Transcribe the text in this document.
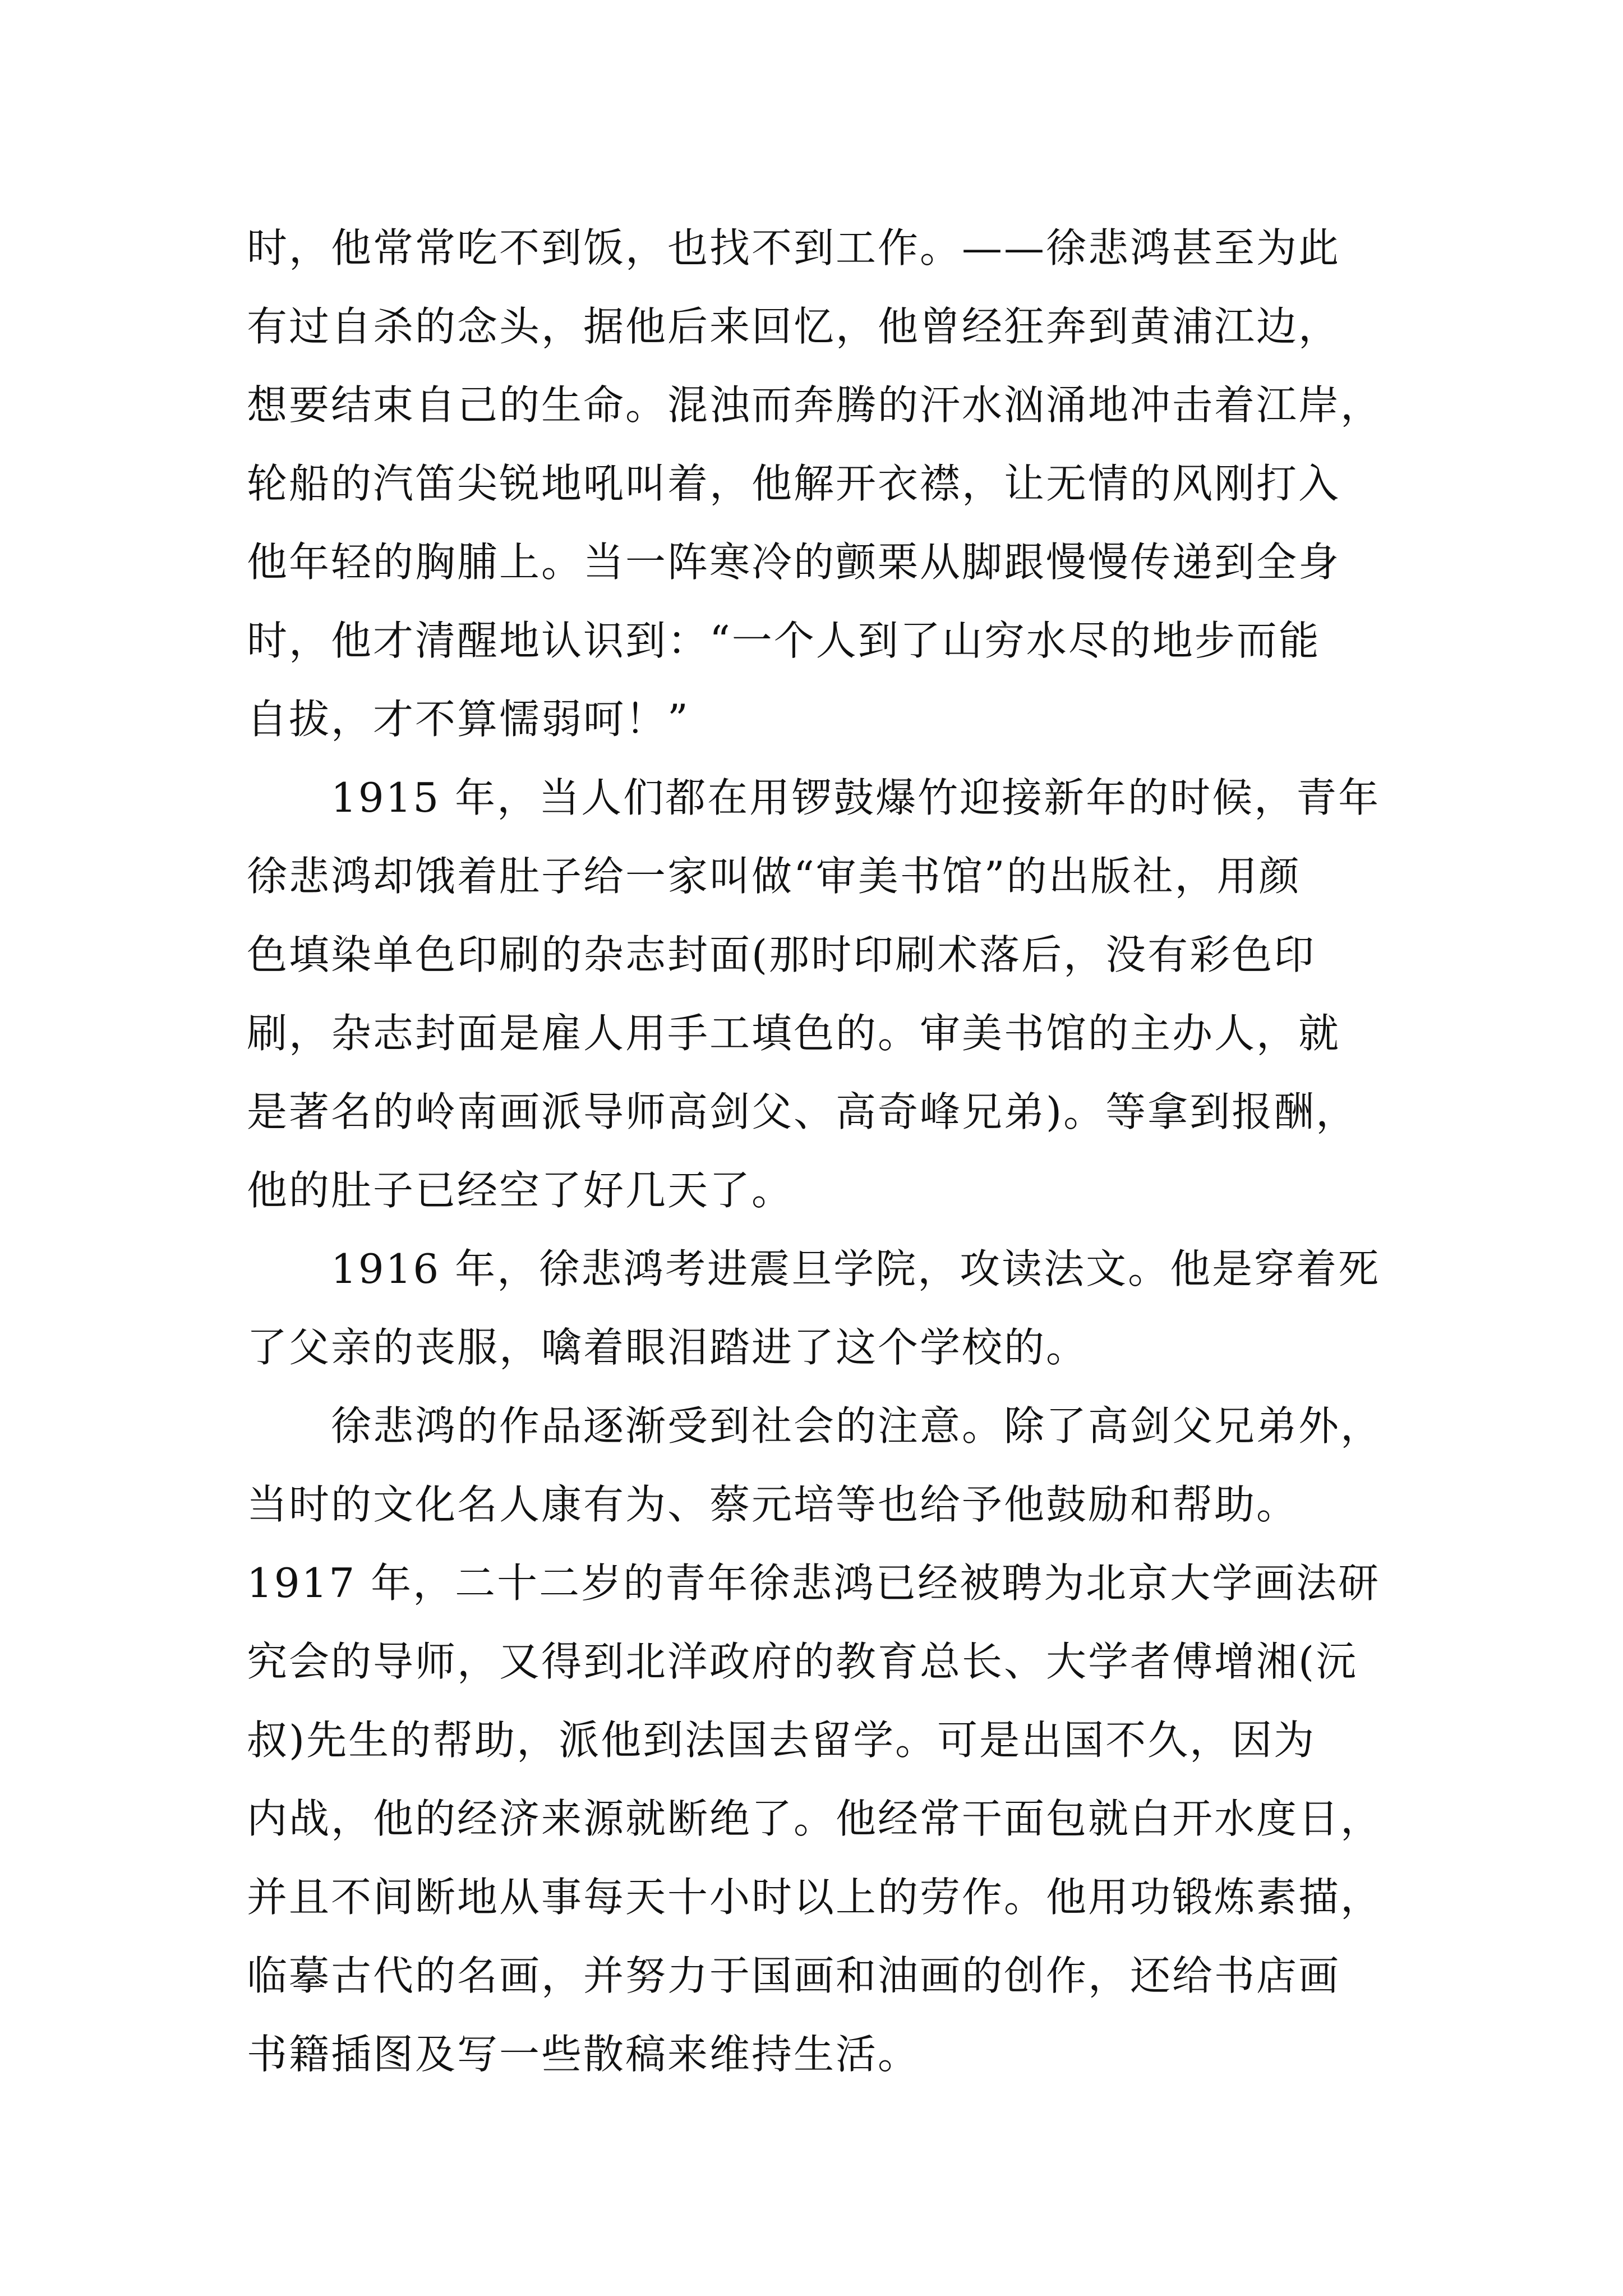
时，他常常吃不到饭，也找不到工作。——徐悲鸿甚至为此
有过自杀的念头，据他后来回忆，他曾经狂奔到黄浦江边，
想要结束自己的生命。混浊而奔腾的汗水汹涌地冲击着江岸，
轮船的汽笛尖锐地吼叫着，他解开衣襟，让无情的风刚打入
他年轻的胸脯上。当一阵寒冷的颤栗从脚跟慢慢传递到全身
时，他才清醒地认识到：“一个人到了山穷水尽的地步而能
自拔，才不算懦弱呵！”
1915 年，当人们都在用锣鼓爆竹迎接新年的时候，青年
徐悲鸿却饿着肚子给一家叫做“审美书馆”的出版社，用颜
色填染单色印刷的杂志封面(那时印刷术落后，没有彩色印
刷，杂志封面是雇人用手工填色的。审美书馆的主办人，就
是著名的岭南画派导师高剑父、高奇峰兄弟)。等拿到报酬，
他的肚子已经空了好几天了。
1916 年，徐悲鸿考进震旦学院，攻读法文。他是穿着死
了父亲的丧服，噙着眼泪踏进了这个学校的。
徐悲鸿的作品逐渐受到社会的注意。除了高剑父兄弟外，
当时的文化名人康有为、蔡元培等也给予他鼓励和帮助。
1917 年，二十二岁的青年徐悲鸿已经被聘为北京大学画法研
究会的导师，又得到北洋政府的教育总长、大学者傅增湘(沅
叔)先生的帮助，派他到法国去留学。可是出国不久，因为
内战，他的经济来源就断绝了。他经常干面包就白开水度日，
并且不间断地从事每天十小时以上的劳作。他用功锻炼素描，
临摹古代的名画，并努力于国画和油画的创作，还给书店画
书籍插图及写一些散稿来维持生活。
